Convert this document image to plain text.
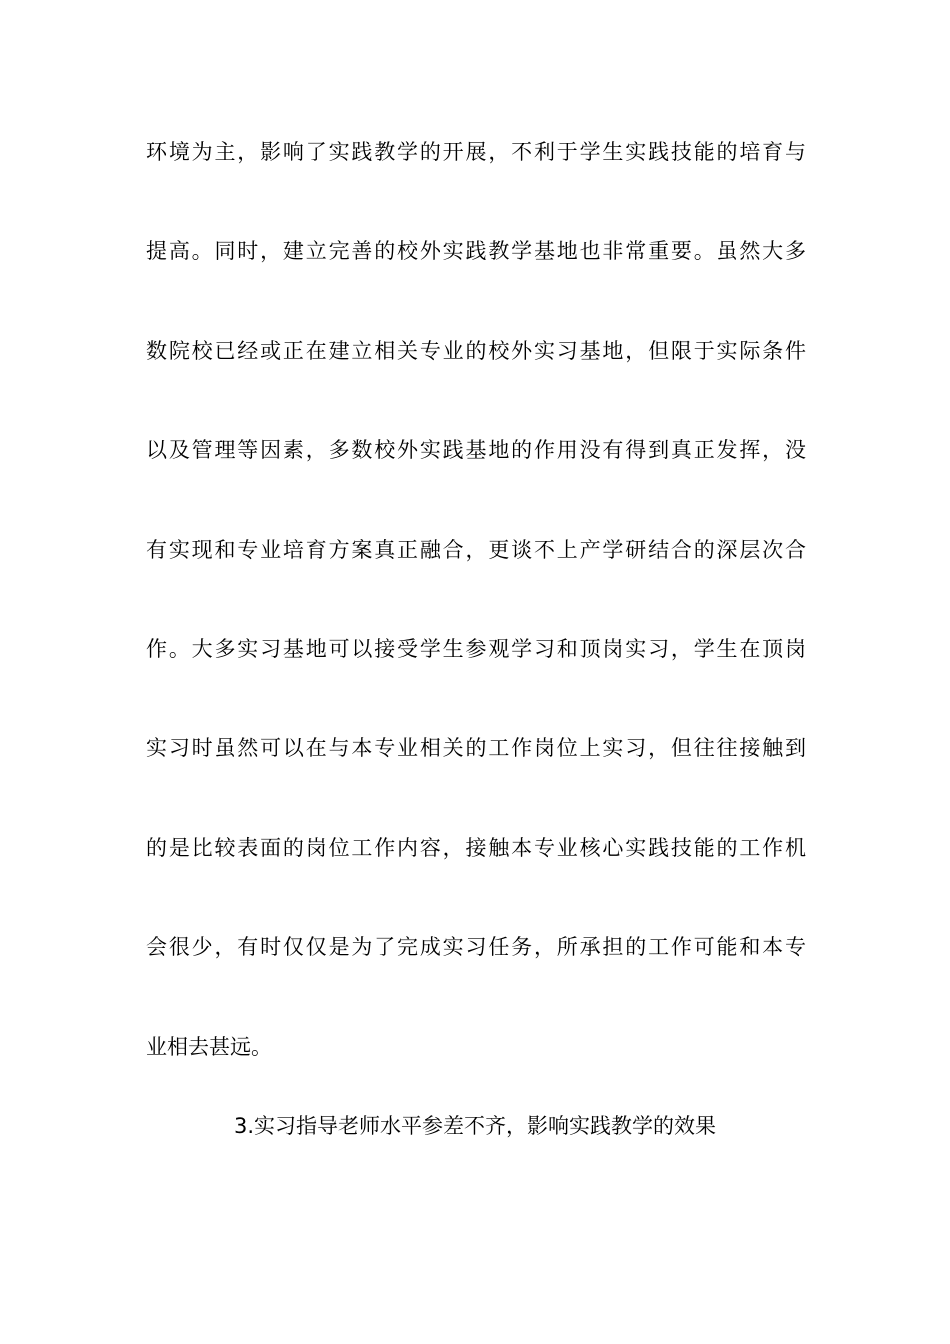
环境为主，影响了实践教学的开展，不利于学生实践技能的培育与
提高。同时，建立完善的校外实践教学基地也非常重要。虽然大多
数院校已经或正在建立相关专业的校外实习基地，但限于实际条件
以及管理等因素，多数校外实践基地的作用没有得到真正发挥，没
有实现和专业培育方案真正融合，更谈不上产学研结合的深层次合
作。大多实习基地可以接受学生参观学习和顶岗实习，学生在顶岗
实习时虽然可以在与本专业相关的工作岗位上实习，但往往接触到
的是比较表面的岗位工作内容，接触本专业核心实践技能的工作机
会很少，有时仅仅是为了完成实习任务，所承担的工作可能和本专
业相去甚远。
3.实习指导老师水平参差不齐，影响实践教学的效果
